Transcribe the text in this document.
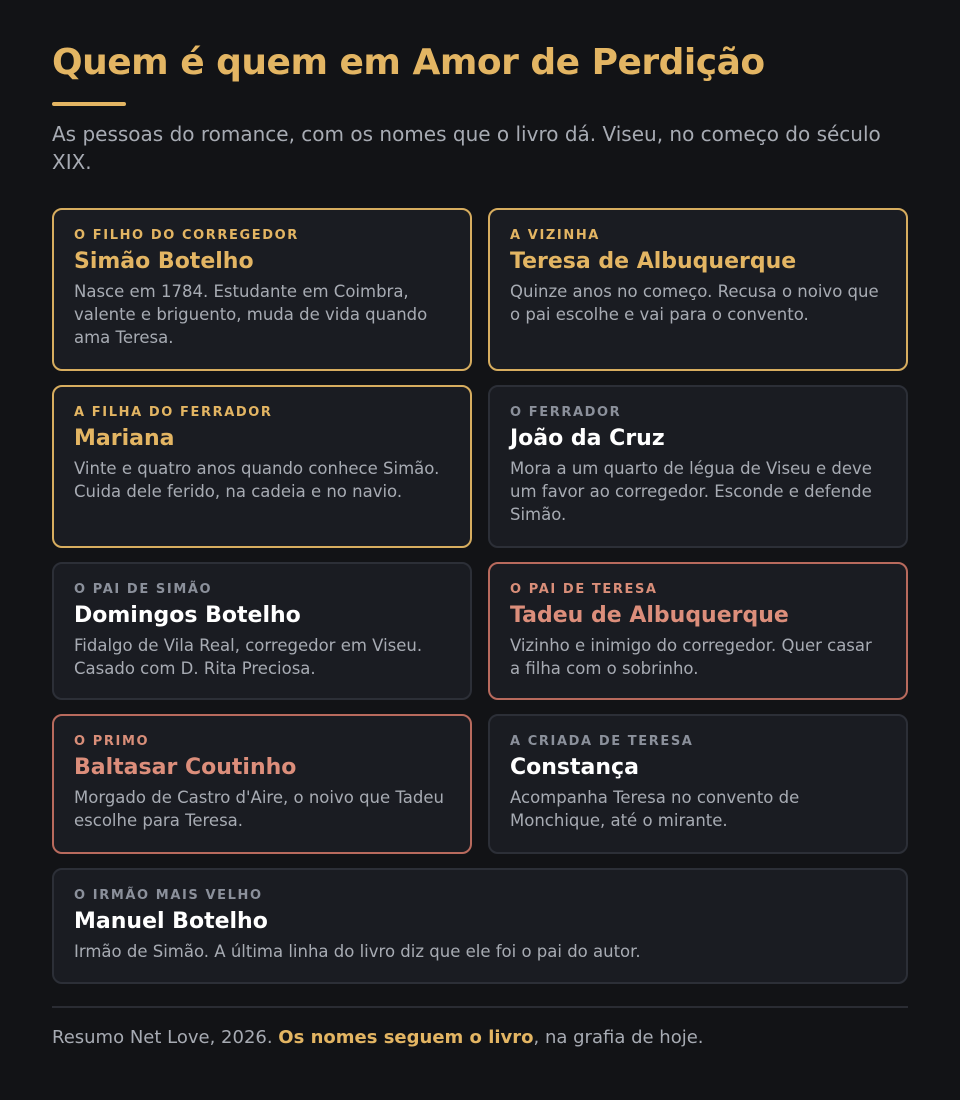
Quem é quem em Amor de Perdição

As pessoas do romance, com os nomes que o livro dá. Viseu, no começo do século XIX.

O FILHO DO CORREGEDOR
Simão Botelho
Nasce em 1784. Estudante em Coimbra, valente e briguento, muda de vida quando ama Teresa.
A VIZINHA
Teresa de Albuquerque
Quinze anos no começo. Recusa o noivo que o pai escolhe e vai para o convento.
A FILHA DO FERRADOR
Mariana
Vinte e quatro anos quando conhece Simão. Cuida dele ferido, na cadeia e no navio.
O FERRADOR
João da Cruz
Mora a um quarto de légua de Viseu e deve um favor ao corregedor. Esconde e defende Simão.
O PAI DE SIMÃO
Domingos Botelho
Fidalgo de Vila Real, corregedor em Viseu. Casado com D. Rita Preciosa.
O PAI DE TERESA
Tadeu de Albuquerque
Vizinho e inimigo do corregedor. Quer casar a filha com o sobrinho.
O PRIMO
Baltasar Coutinho
Morgado de Castro d'Aire, o noivo que Tadeu escolhe para Teresa.
A CRIADA DE TERESA
Constança
Acompanha Teresa no convento de Monchique, até o mirante.
O IRMÃO MAIS VELHO
Manuel Botelho
Irmão de Simão. A última linha do livro diz que ele foi o pai do autor.

Resumo Net Love, 2026. Os nomes seguem o livro, na grafia de hoje.
